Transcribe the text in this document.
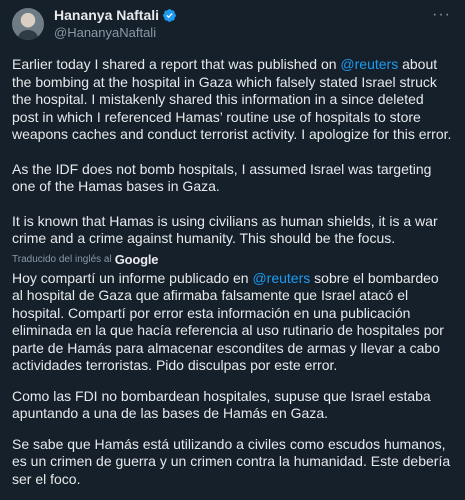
Hananya Naftali
@HananyaNaftali
···

Earlier today I shared a report that was published on @reuters about the bombing at the hospital in Gaza which falsely stated Israel struck the hospital. I mistakenly shared this information in a since deleted post in which I referenced Hamas’ routine use of hospitals to store weapons caches and conduct terrorist activity. I apologize for this error.

As the IDF does not bomb hospitals, I assumed Israel was targeting one of the Hamas bases in Gaza.

It is known that Hamas is using civilians as human shields, it is a war crime and a crime against humanity. This should be the focus.

Traducido del inglés al Google

Hoy compartí un informe publicado en @reuters sobre el bombardeo al hospital de Gaza que afirmaba falsamente que Israel atacó el hospital. Compartí por error esta información en una publicación eliminada en la que hacía referencia al uso rutinario de hospitales por parte de Hamás para almacenar escondites de armas y llevar a cabo actividades terroristas. Pido disculpas por este error.

Como las FDI no bombardean hospitales, supuse que Israel estaba apuntando a una de las bases de Hamás en Gaza.

Se sabe que Hamás está utilizando a civiles como escudos humanos, es un crimen de guerra y un crimen contra la humanidad. Este debería ser el foco.
